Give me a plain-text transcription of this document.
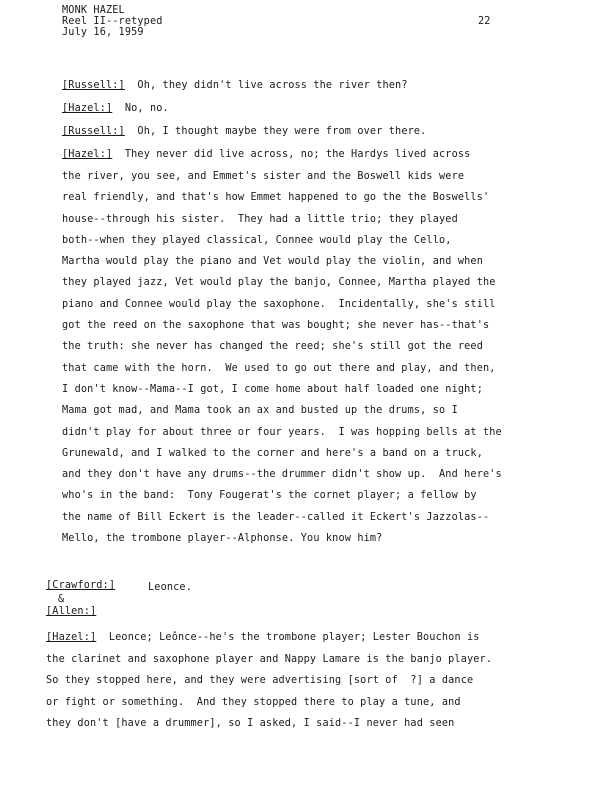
MONK HAZEL
Reel II--retyped
July 16, 1959
22
[Russell:] Oh, they didn't live across the river then?
[Hazel:] No, no.
[Russell:] Oh, I thought maybe they were from over there.
[Hazel:] They never did live across, no; the Hardys lived across
the river, you see, and Emmet's sister and the Boswell kids were
real friendly, and that's how Emmet happened to go the the Boswells'
house--through his sister.  They had a little trio; they played
both--when they played classical, Connee would play the Cello,
Martha would play the piano and Vet would play the violin, and when
they played jazz, Vet would play the banjo, Connee, Martha played the
piano and Connee would play the saxophone.  Incidentally, she's still
got the reed on the saxophone that was bought; she never has--that's
the truth: she never has changed the reed; she's still got the reed
that came with the horn.  We used to go out there and play, and then,
I don't know--Mama--I got, I come home about half loaded one night;
Mama got mad, and Mama took an ax and busted up the drums, so I
didn't play for about three or four years.  I was hopping bells at the
Grunewald, and I walked to the corner and here's a band on a truck,
and they don't have any drums--the drummer didn't show up.  And here's
who's in the band:  Tony Fougerat's the cornet player; a fellow by
the name of Bill Eckert is the leader--called it Eckert's Jazzolas--
Mello, the trombone player--Alphonse. You know him?
[Crawford:]
&
[Allen:]
Leonce.
[Hazel:] Leonce; Leônce--he's the trombone player; Lester Bouchon is
the clarinet and saxophone player and Nappy Lamare is the banjo player.
So they stopped here, and they were advertising [sort of  ?] a dance
or fight or something.  And they stopped there to play a tune, and
they don't [have a drummer], so I asked, I said--I never had seen
